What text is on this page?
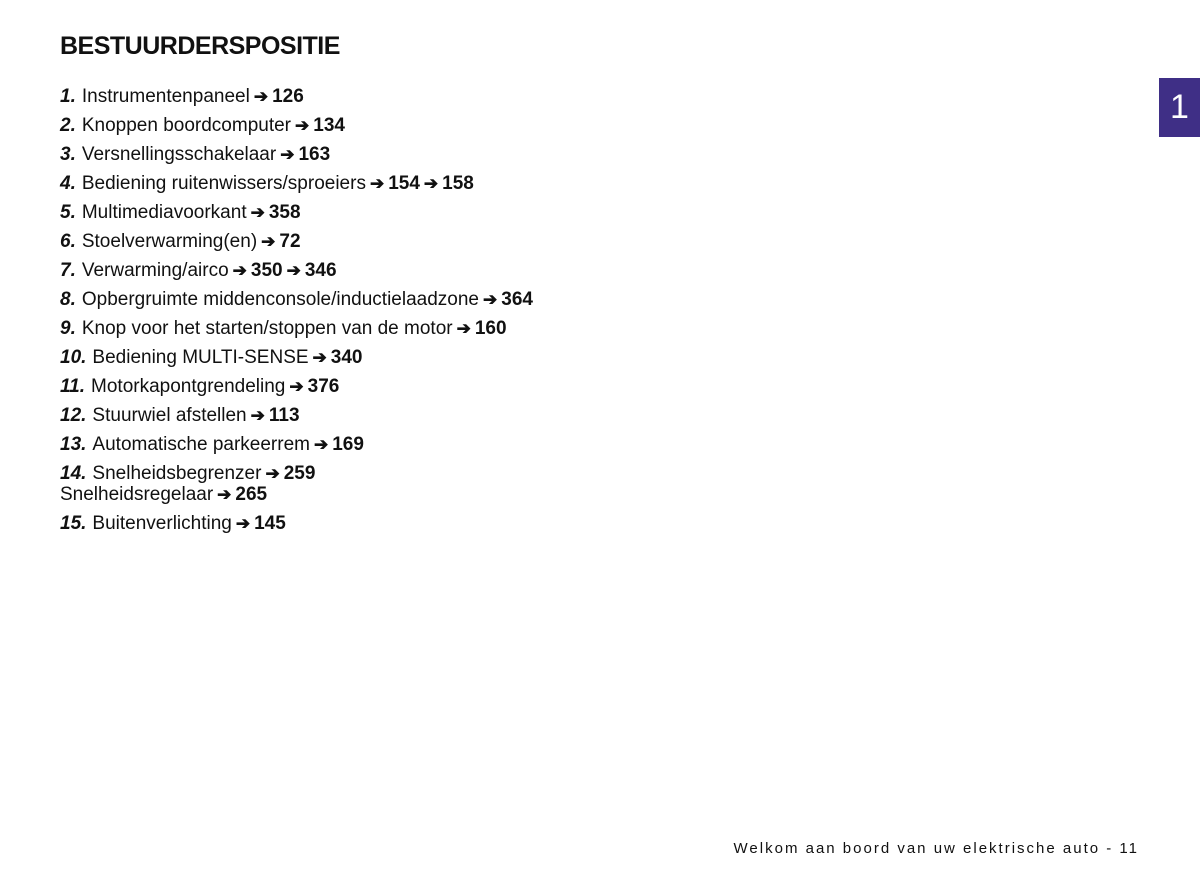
BESTUURDERSPOSITIE
1
1. Instrumentenpaneel ➔ 126
2. Knoppen boordcomputer ➔ 134
3. Versnellingsschakelaar ➔ 163
4. Bediening ruitenwissers/sproeiers ➔ 154 ➔ 158
5. Multimediavoorkant ➔ 358
6. Stoelverwarming(en) ➔ 72
7. Verwarming/airco ➔ 350 ➔ 346
8. Opbergruimte middenconsole/inductielaadzone ➔ 364
9. Knop voor het starten/stoppen van de motor ➔ 160
10. Bediening MULTI-SENSE ➔ 340
11. Motorkapontgrendeling ➔ 376
12. Stuurwiel afstellen ➔ 113
13. Automatische parkeerrem ➔ 169
14. Snelheidsbegrenzer ➔ 259
Snelheidsregelaar ➔ 265
15. Buitenverlichting ➔ 145
Welkom aan boord van uw elektrische auto - 11
